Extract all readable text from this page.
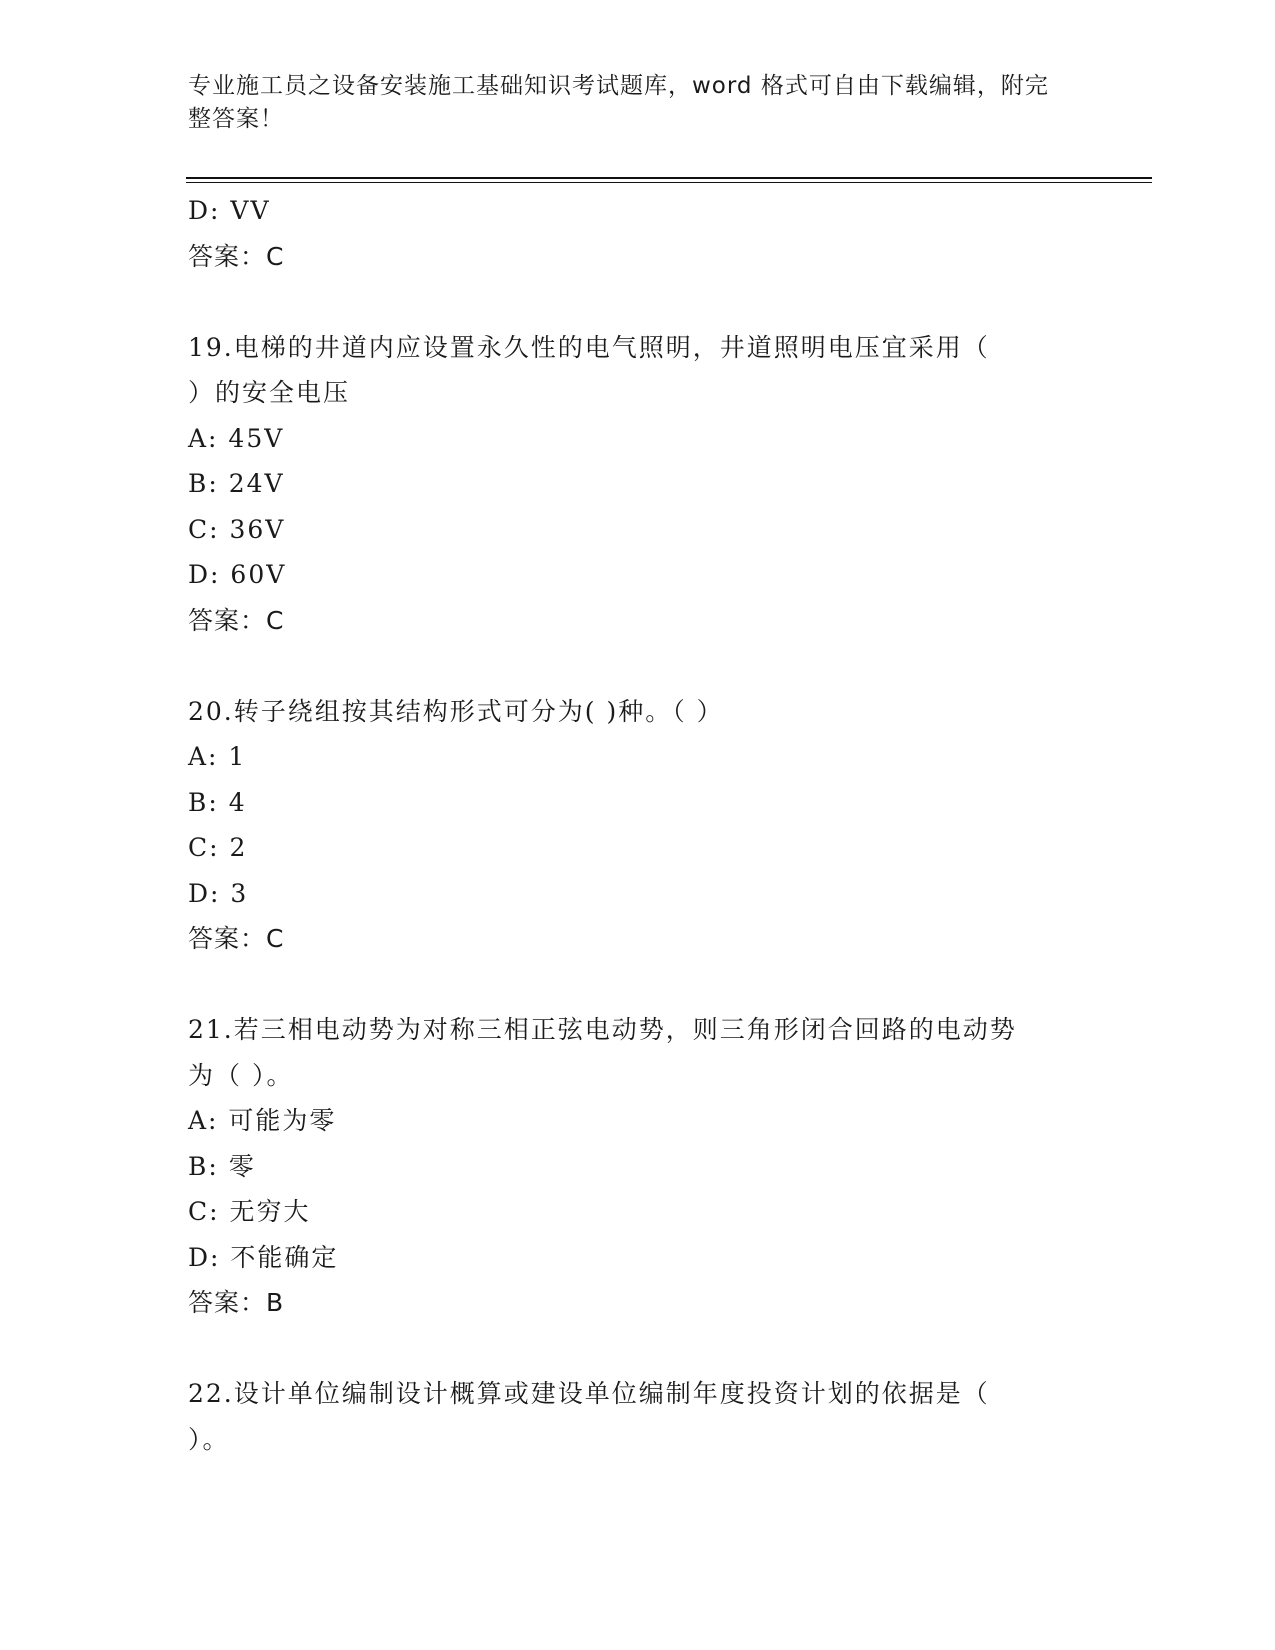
专业施工员之设备安装施工基础知识考试题库，word 格式可自由下载编辑，附完
整答案！
D: VV
答案：C
19.电梯的井道内应设置永久性的电气照明，井道照明电压宜采用（
）的安全电压
A: 45V
B: 24V
C: 36V
D: 60V
答案：C
20.转子绕组按其结构形式可分为( )种。（ ）
A: 1
B: 4
C: 2
D: 3
答案：C
21.若三相电动势为对称三相正弦电动势，则三角形闭合回路的电动势
为（ ）。
A: 可能为零
B: 零
C: 无穷大
D: 不能确定
答案：B
22.设计单位编制设计概算或建设单位编制年度投资计划的依据是（
）。
